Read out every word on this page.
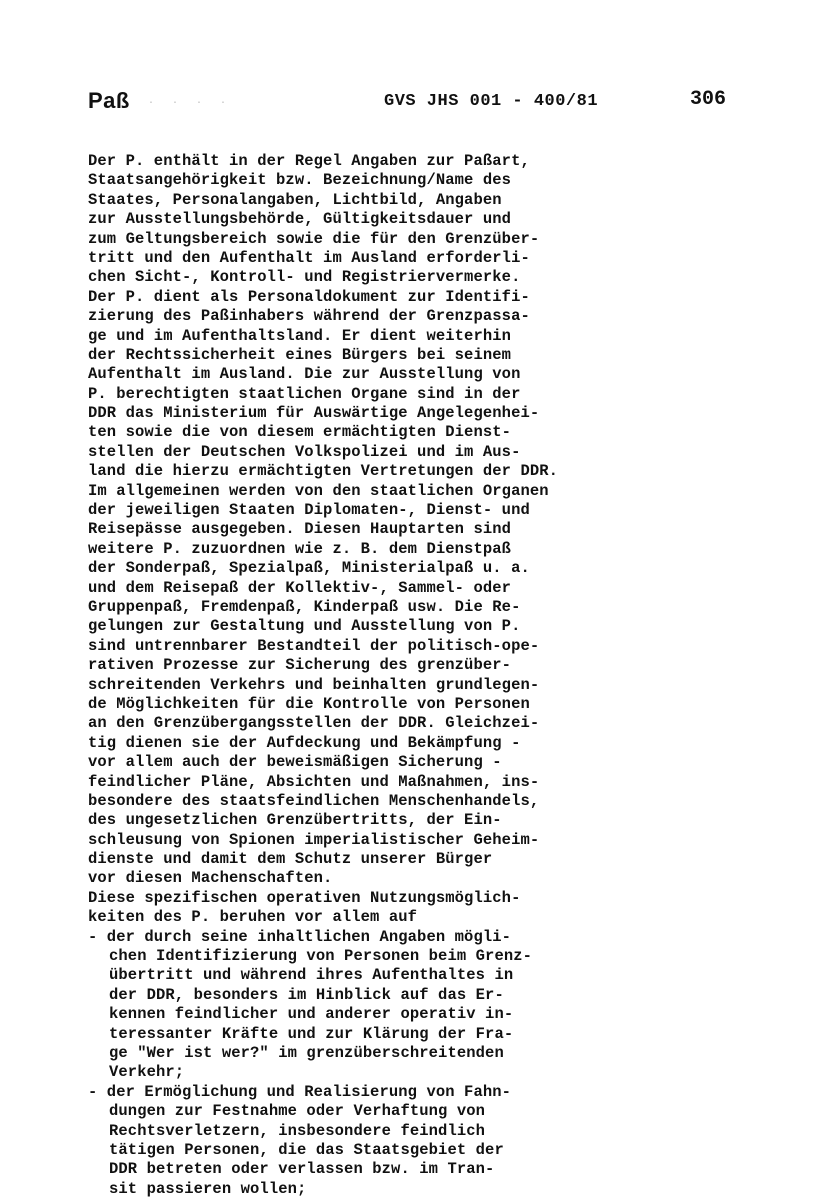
Paß · · · ·	GVS JHS 001 - 400/81	306
Der P. enthält in der Regel Angaben zur Paßart,
Staatsangehörigkeit bzw. Bezeichnung/Name des
Staates, Personalangaben, Lichtbild, Angaben
zur Ausstellungsbehörde, Gültigkeitsdauer und
zum Geltungsbereich sowie die für den Grenzüber-
tritt und den Aufenthalt im Ausland erforderli-
chen Sicht-, Kontroll- und Registriervermerke.
Der P. dient als Personaldokument zur Identifi-
zierung des Paßinhabers während der Grenzpassa-
ge und im Aufenthaltsland. Er dient weiterhin
der Rechtssicherheit eines Bürgers bei seinem
Aufenthalt im Ausland. Die zur Ausstellung von
P. berechtigten staatlichen Organe sind in der
DDR das Ministerium für Auswärtige Angelegenhei-
ten sowie die von diesem ermächtigten Dienst-
stellen der Deutschen Volkspolizei und im Aus-
land die hierzu ermächtigten Vertretungen der DDR.
Im allgemeinen werden von den staatlichen Organen
der jeweiligen Staaten Diplomaten-, Dienst- und
Reisepässe ausgegeben. Diesen Hauptarten sind
weitere P. zuzuordnen wie z. B. dem Dienstpaß
der Sonderpaß, Spezialpaß, Ministerialpaß u. a.
und dem Reisepaß der Kollektiv-, Sammel- oder
Gruppenpaß, Fremdenpaß, Kinderpaß usw. Die Re-
gelungen zur Gestaltung und Ausstellung von P.
sind untrennbarer Bestandteil der politisch-ope-
rativen Prozesse zur Sicherung des grenzüber-
schreitenden Verkehrs und beinhalten grundlegen-
de Möglichkeiten für die Kontrolle von Personen
an den Grenzübergangsstellen der DDR. Gleichzei-
tig dienen sie der Aufdeckung und Bekämpfung -
vor allem auch der beweismäßigen Sicherung -
feindlicher Pläne, Absichten und Maßnahmen, ins-
besondere des staatsfeindlichen Menschenhandels,
des ungesetzlichen Grenzübertritts, der Ein-
schleusung von Spionen imperialistischer Geheim-
dienste und damit dem Schutz unserer Bürger
vor diesen Machenschaften.
Diese spezifischen operativen Nutzungsmöglich-
keiten des P. beruhen vor allem auf
- der durch seine inhaltlichen Angaben mögli-
chen Identifizierung von Personen beim Grenz-
übertritt und während ihres Aufenthaltes in
der DDR, besonders im Hinblick auf das Er-
kennen feindlicher und anderer operativ in-
teressanter Kräfte und zur Klärung der Fra-
ge "Wer ist wer?" im grenzüberschreitenden
Verkehr;
- der Ermöglichung und Realisierung von Fahn-
dungen zur Festnahme oder Verhaftung von
Rechtsverletzern, insbesondere feindlich
tätigen Personen, die das Staatsgebiet der
DDR betreten oder verlassen bzw. im Tran-
sit passieren wollen;
